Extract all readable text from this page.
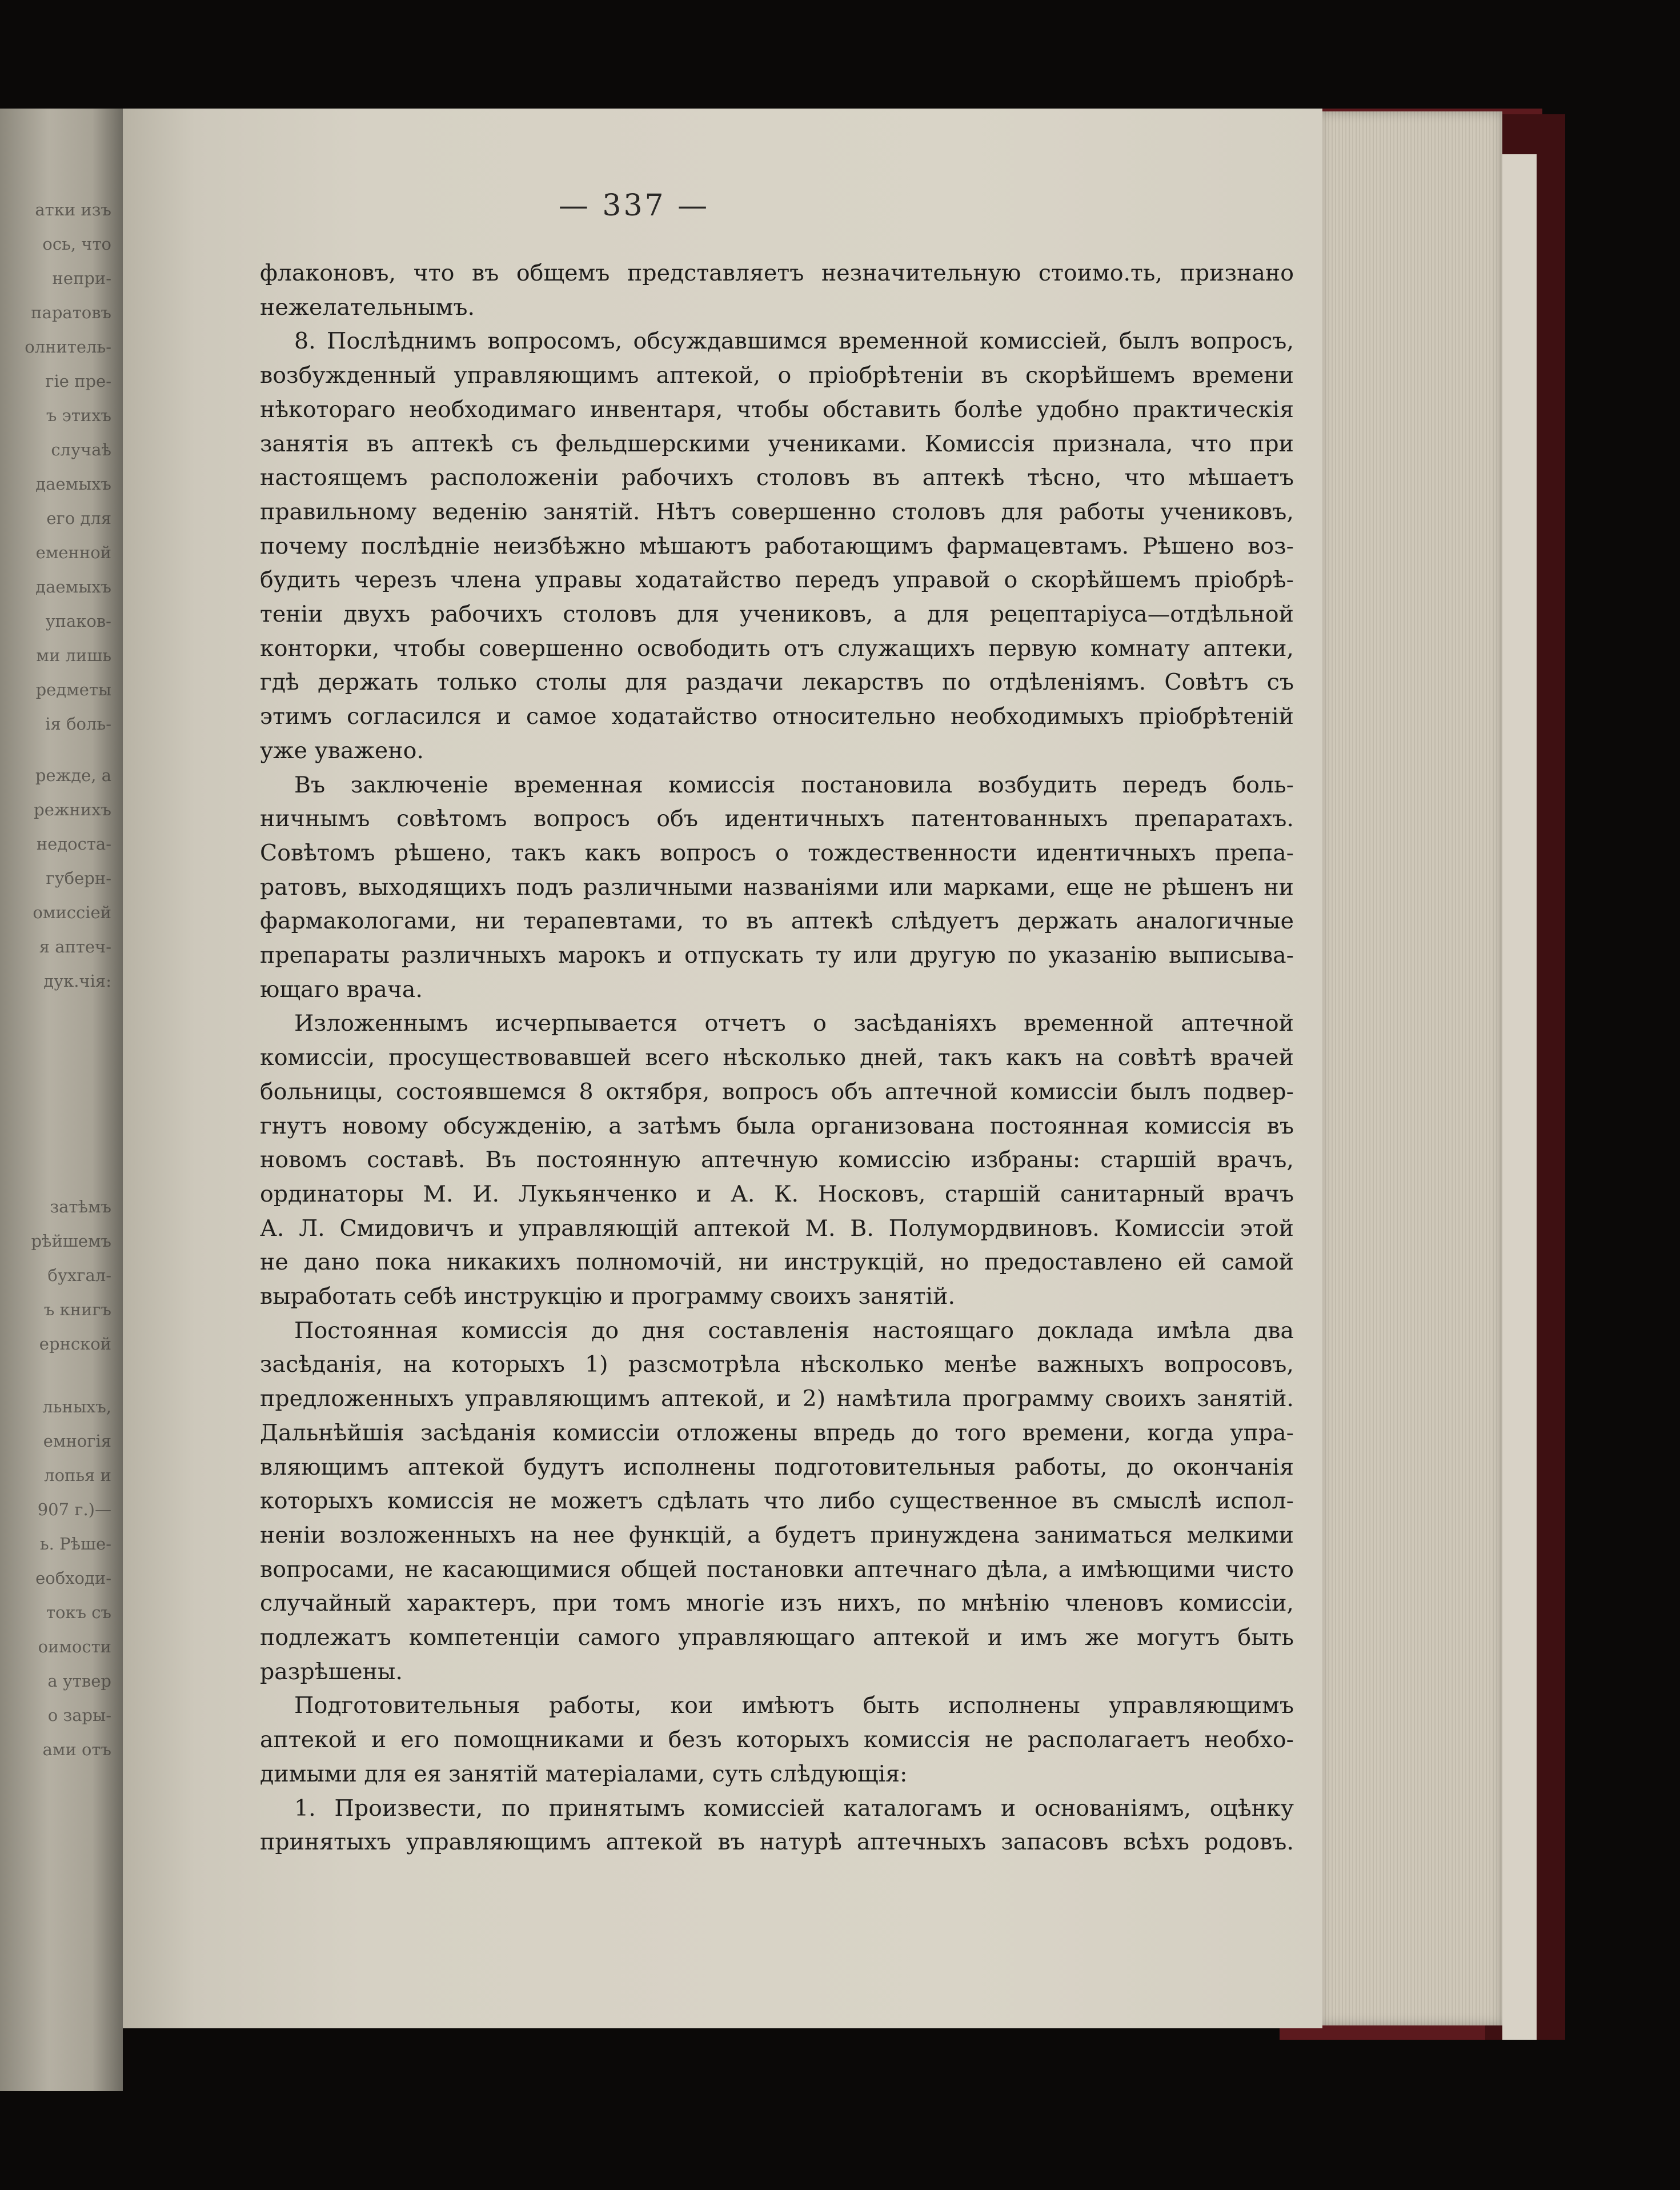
атки изъ
ось, что
непри-
паратовъ
олнитель-
гіе пре-
ъ этихъ
случаѣ
даемыхъ
его для
еменной
даемыхъ
упаков-
ми лишь
редметы
ія боль-
режде, а
режнихъ
недоста-
губерн-
омиссіей
я аптеч-
дук.чія:
затѣмъ
рѣйшемъ
бухгал-
ъ книгъ
ернской
льныхъ,
емногія
лопья и
907 г.)—
ь. Рѣше-
еобходи-
токъ съ
оимости
а утвер
о зары-
ами отъ
— 337 —
флаконовъ, что въ общемъ представляетъ незначительную стоимо.ть, признано
нежелательнымъ.
8. Послѣднимъ вопросомъ, обсуждавшимся временной комиссіей, былъ вопросъ,
возбужденный управляющимъ аптекой, о пріобрѣтеніи въ скорѣйшемъ времени
нѣкотораго необходимаго инвентаря, чтобы обставить болѣе удобно практическія
занятія въ аптекѣ съ фельдшерскими учениками. Комиссія признала, что при
настоящемъ расположеніи рабочихъ столовъ въ аптекѣ тѣсно, что мѣшаетъ
правильному веденію занятій. Нѣтъ совершенно столовъ для работы учениковъ,
почему послѣдніе неизбѣжно мѣшаютъ работающимъ фармацевтамъ. Рѣшено воз-
будить черезъ члена управы ходатайство передъ управой о скорѣйшемъ пріобрѣ-
теніи двухъ рабочихъ столовъ для учениковъ, а для рецептаріуса—отдѣльной
конторки, чтобы совершенно освободить отъ служащихъ первую комнату аптеки,
гдѣ держать только столы для раздачи лекарствъ по отдѣленіямъ. Совѣтъ съ
этимъ согласился и самое ходатайство относительно необходимыхъ пріобрѣтеній
уже уважено.
Въ заключеніе временная комиссія постановила возбудить передъ боль-
ничнымъ совѣтомъ вопросъ объ идентичныхъ патентованныхъ препаратахъ.
Совѣтомъ рѣшено, такъ какъ вопросъ о тождественности идентичныхъ препа-
ратовъ, выходящихъ подъ различными названіями или марками, еще не рѣшенъ ни
фармакологами, ни терапевтами, то въ аптекѣ слѣдуетъ держать аналогичные
препараты различныхъ марокъ и отпускать ту или другую по указанію выписыва-
ющаго врача.
Изложеннымъ исчерпывается отчетъ о засѣданіяхъ временной аптечной
комиссіи, просуществовавшей всего нѣсколько дней, такъ какъ на совѣтѣ врачей
больницы, состоявшемся 8 октября, вопросъ объ аптечной комиссіи былъ подвер-
гнутъ новому обсужденію, а затѣмъ была организована постоянная комиссія въ
новомъ составѣ. Въ постоянную аптечную комиссію избраны: старшій врачъ,
ординаторы М. И. Лукьянченко и А. К. Носковъ, старшій санитарный врачъ
А. Л. Смидовичъ и управляющій аптекой М. В. Полумордвиновъ. Комиссіи этой
не дано пока никакихъ полномочій, ни инструкцій, но предоставлено ей самой
выработать себѣ инструкцію и программу своихъ занятій.
Постоянная комиссія до дня составленія настоящаго доклада имѣла два
засѣданія, на которыхъ 1) разсмотрѣла нѣсколько менѣе важныхъ вопросовъ,
предложенныхъ управляющимъ аптекой, и 2) намѣтила программу своихъ занятій.
Дальнѣйшія засѣданія комиссіи отложены впредь до того времени, когда упра-
вляющимъ аптекой будутъ исполнены подготовительныя работы, до окончанія
которыхъ комиссія не можетъ сдѣлать что либо существенное въ смыслѣ испол-
неніи возложенныхъ на нее функцій, а будетъ принуждена заниматься мелкими
вопросами, не касающимися общей постановки аптечнаго дѣла, а имѣющими чисто
случайный характеръ, при томъ многіе изъ нихъ, по мнѣнію членовъ комиссіи,
подлежатъ компетенціи самого управляющаго аптекой и имъ же могутъ быть
разрѣшены.
Подготовительныя работы, кои имѣютъ быть исполнены управляющимъ
аптекой и его помощниками и безъ которыхъ комиссія не располагаетъ необхо-
димыми для ея занятій матеріалами, суть слѣдующія:
1. Произвести, по принятымъ комиссіей каталогамъ и основаніямъ, оцѣнку
принятыхъ управляющимъ аптекой въ натурѣ аптечныхъ запасовъ всѣхъ родовъ.
